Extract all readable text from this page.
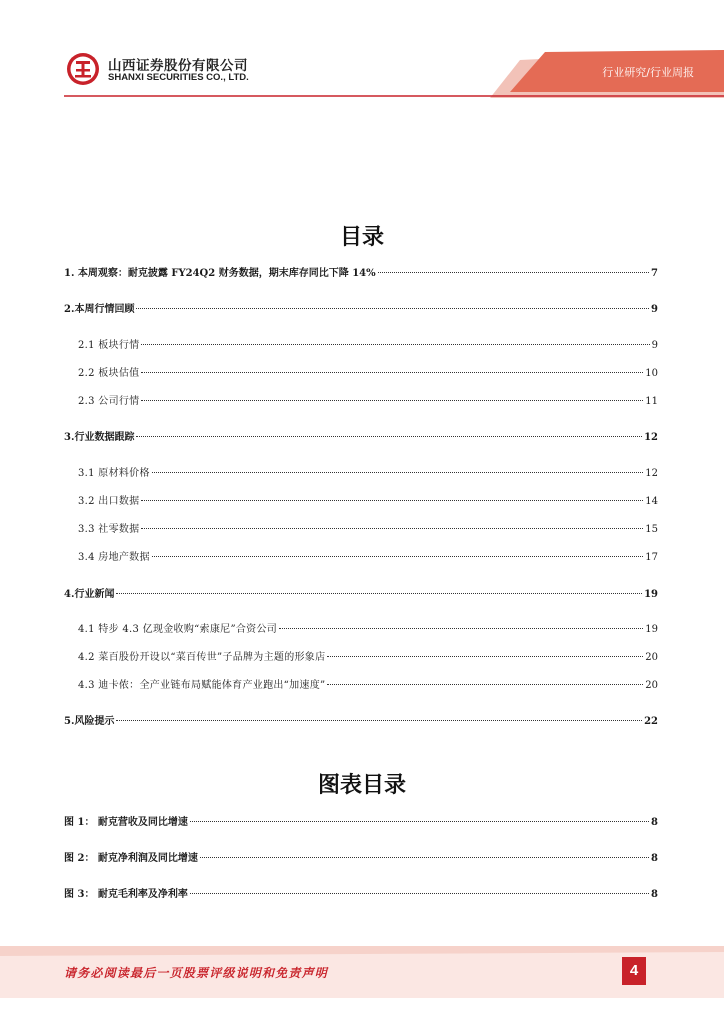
山西证券股份有限公司
SHANXI SECURITIES CO., LTD.	行业研究/行业周报
目录
1. 本周观察：耐克披露 FY24Q2 财务数据，期末库存同比下降 14%	7
2.本周行情回顾	9
2.1 板块行情	9
2.2 板块估值	10
2.3 公司行情	11
3.行业数据跟踪	12
3.1 原材料价格	12
3.2 出口数据	14
3.3 社零数据	15
3.4 房地产数据	17
4.行业新闻	19
4.1 特步 4.3 亿现金收购“索康尼”合资公司	19
4.2 菜百股份开设以“菜百传世”子品牌为主题的形象店	20
4.3 迪卡侬：全产业链布局赋能体育产业跑出“加速度”	20
5.风险提示	22
图表目录
图 1： 耐克营收及同比增速	8
图 2： 耐克净利润及同比增速	8
图 3： 耐克毛利率及净利率	8
请务必阅读最后一页股票评级说明和免责声明	4
